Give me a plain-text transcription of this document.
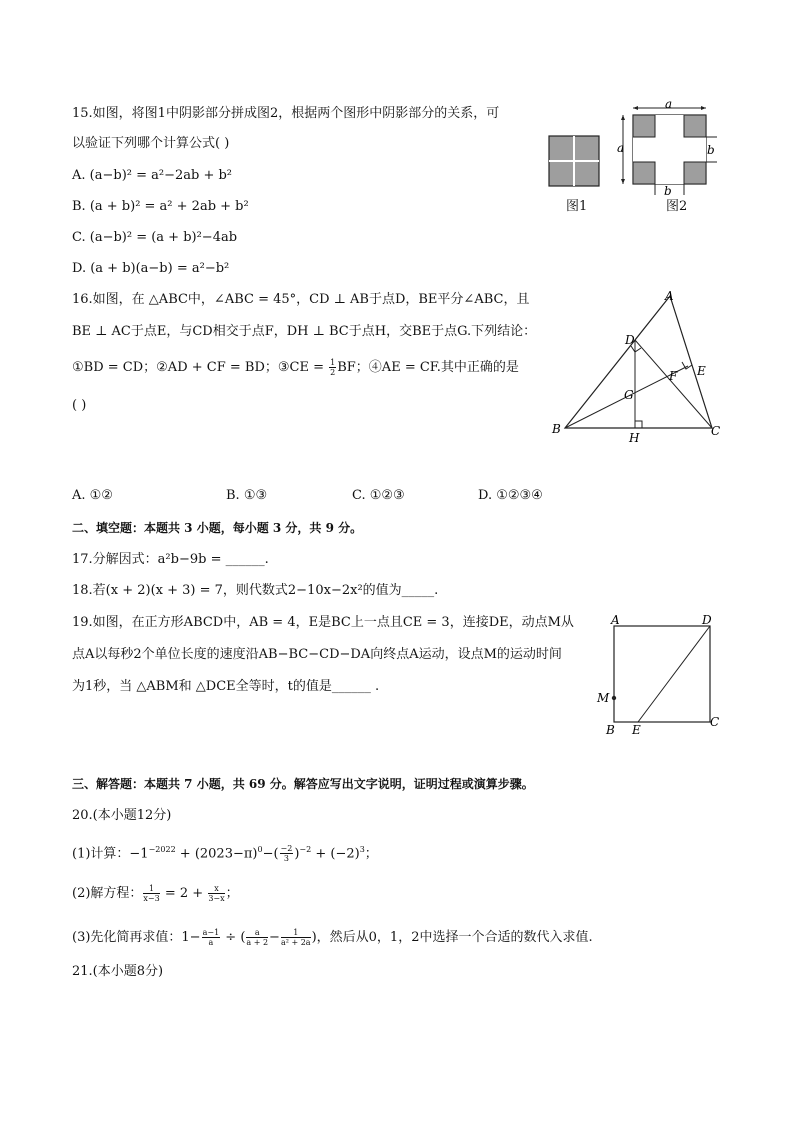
15.如图，将图1中阴影部分拼成图2，根据两个图形中阴影部分的关系，可
以验证下列哪个计算公式( )
A. (a−b)² = a²−2ab + b²
B. (a + b)² = a² + 2ab + b²
C. (a−b)² = (a + b)²−4ab
D. (a + b)(a−b) = a²−b²
图1
a
a	b
b
图2
16.如图，在 △ABC中，∠ABC = 45°，CD ⊥ AB于点D，BE平分∠ABC，且
BE ⊥ AC于点E，与CD相交于点F，DH ⊥ BC于点H，交BE于点G.下列结论：
①BD = CD；②AD + CF = BD；③CE = $\frac{1}{2}$ BF；④AE = CF.其中正确的是
( )
A
D
E
F
G
B
H	C
A. ①②	B. ①③	C. ①②③	D. ①②③④
二、填空题：本题共 3 小题，每小题 3 分，共 9 分。
17.分解因式：a²b−9b = ______.
18.若(x + 2)(x + 3) = 7，则代数式2−10x−2x²的值为_____.
19.如图，在正方形ABCD中，AB = 4，E是BC上一点且CE = 3，连接DE，动点M从
点A以每秒2个单位长度的速度沿AB−BC−CD−DA向终点A运动，设点M的运动时间
为1秒，当 △ABM和 △DCE全等时，t的值是______ .
A	D
M
B E
C
三、解答题：本题共 7 小题，共 69 分。解答应写出文字说明，证明过程或演算步骤。
20.(本小题12分)
(1)计算：$-1^{-2022} + (2023-\pi)^0-( \frac{-2}{3} )^{-2} + (-2)^3$；
(2)解方程： $\frac{1}{x-3} = 2 + \frac{x}{3-x}$ ；
(3)先化简再求值：$1- \frac{a-1}{a}$ ÷ ( $\frac{a}{a + 2} - \frac{1}{\text{a² + 2a}}$ )，然后从0，1，2中选择一个合适的数代入求值.
21.(本小题8分)
